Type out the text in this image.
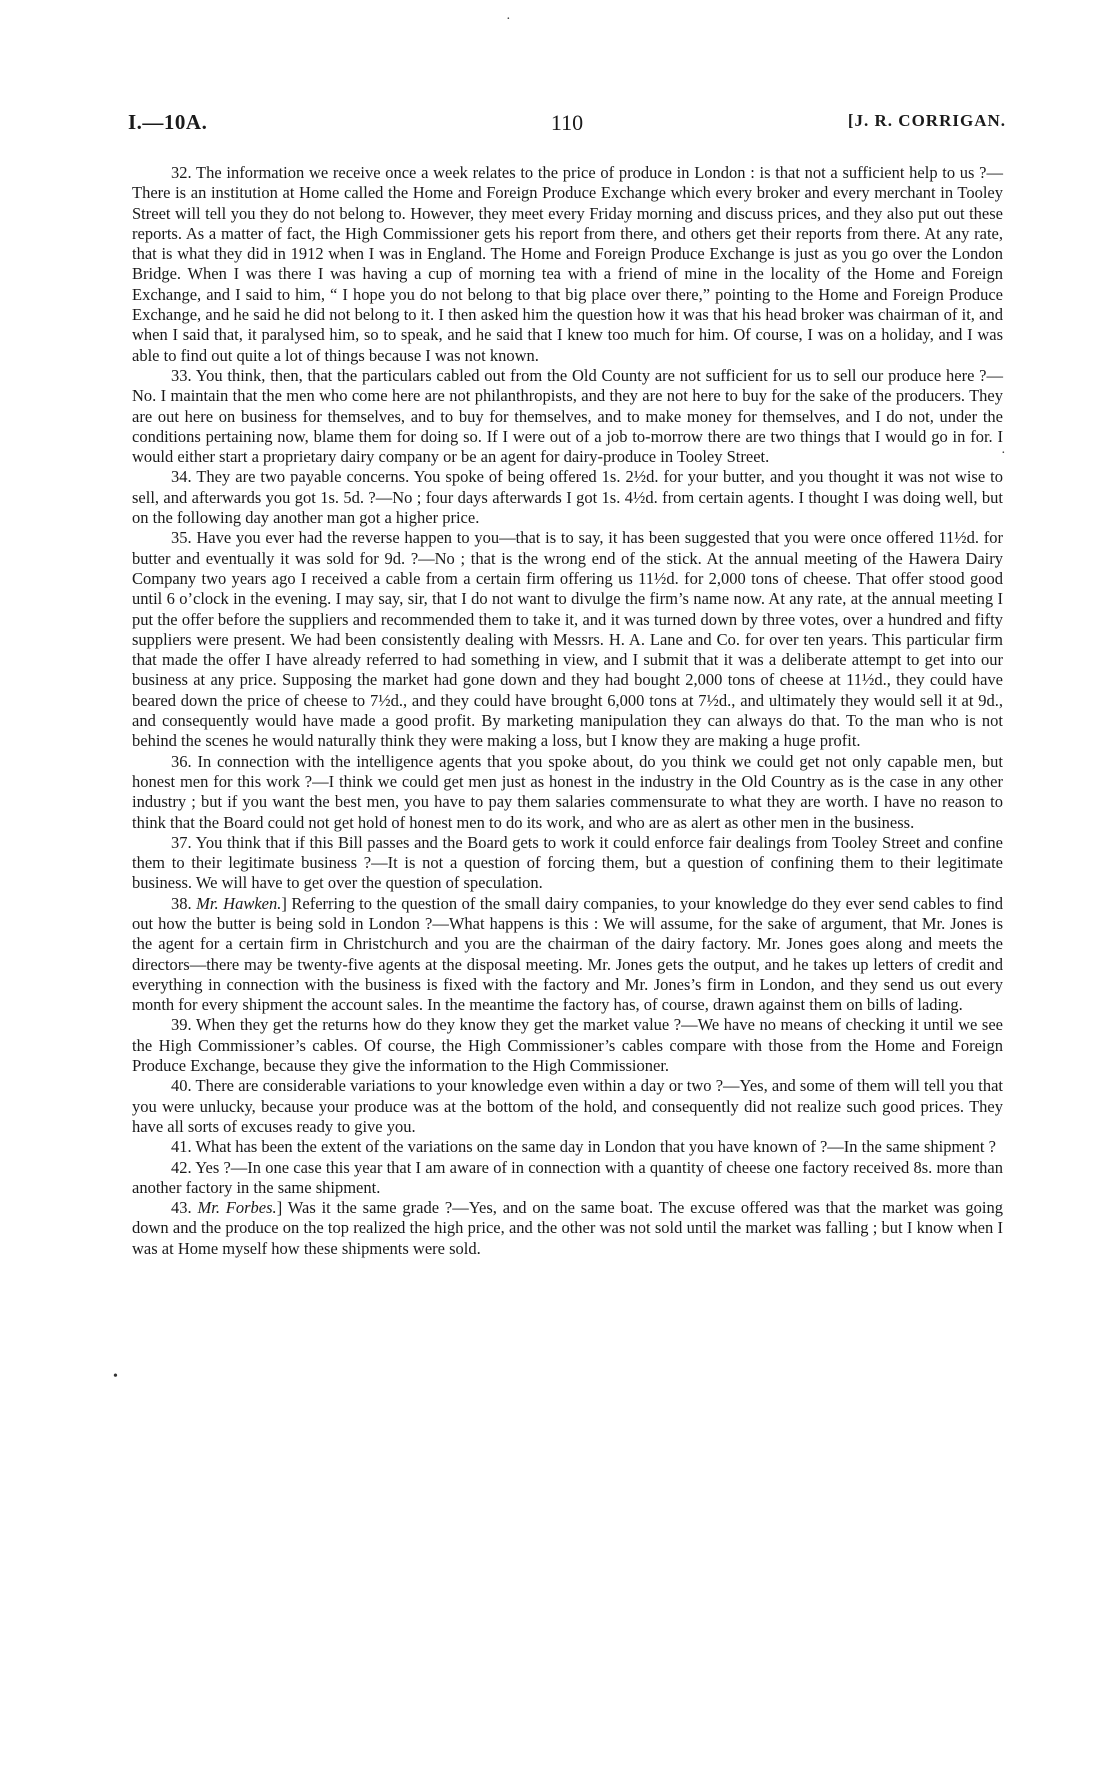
I.—10A.	110	[J. R. CORRIGAN.

32. The information we receive once a week relates to the price of produce in London : is that not a sufficient help to us ?—There is an institution at Home called the Home and Foreign Produce Exchange which every broker and every merchant in Tooley Street will tell you they do not belong to. However, they meet every Friday morning and discuss prices, and they also put out these reports. As a matter of fact, the High Commissioner gets his report from there, and others get their reports from there. At any rate, that is what they did in 1912 when I was in England. The Home and Foreign Produce Exchange is just as you go over the London Bridge. When I was there I was having a cup of morning tea with a friend of mine in the locality of the Home and Foreign Exchange, and I said to him, “ I hope you do not belong to that big place over there,” pointing to the Home and Foreign Produce Exchange, and he said he did not belong to it. I then asked him the question how it was that his head broker was chairman of it, and when I said that, it paralysed him, so to speak, and he said that I knew too much for him. Of course, I was on a holiday, and I was able to find out quite a lot of things because I was not known.

33. You think, then, that the particulars cabled out from the Old County are not sufficient for us to sell our produce here ?—No. I maintain that the men who come here are not philanthropists, and they are not here to buy for the sake of the producers. They are out here on business for themselves, and to buy for themselves, and to make money for themselves, and I do not, under the conditions pertaining now, blame them for doing so. If I were out of a job to-morrow there are two things that I would go in for. I would either start a proprietary dairy company or be an agent for dairy-produce in Tooley Street.

34. They are two payable concerns. You spoke of being offered 1s. 2½d. for your butter, and you thought it was not wise to sell, and afterwards you got 1s. 5d. ?—No ; four days afterwards I got 1s. 4½d. from certain agents. I thought I was doing well, but on the following day another man got a higher price.

35. Have you ever had the reverse happen to you—that is to say, it has been suggested that you were once offered 11½d. for butter and eventually it was sold for 9d. ?—No ; that is the wrong end of the stick. At the annual meeting of the Hawera Dairy Company two years ago I received a cable from a certain firm offering us 11½d. for 2,000 tons of cheese. That offer stood good until 6 o’clock in the evening. I may say, sir, that I do not want to divulge the firm’s name now. At any rate, at the annual meeting I put the offer before the suppliers and recommended them to take it, and it was turned down by three votes, over a hundred and fifty suppliers were present. We had been consistently dealing with Messrs. H. A. Lane and Co. for over ten years. This particular firm that made the offer I have already referred to had something in view, and I submit that it was a deliberate attempt to get into our business at any price. Supposing the market had gone down and they had bought 2,000 tons of cheese at 11½d., they could have beared down the price of cheese to 7½d., and they could have brought 6,000 tons at 7½d., and ultimately they would sell it at 9d., and consequently would have made a good profit. By marketing manipulation they can always do that. To the man who is not behind the scenes he would naturally think they were making a loss, but I know they are making a huge profit.

36. In connection with the intelligence agents that you spoke about, do you think we could get not only capable men, but honest men for this work ?—I think we could get men just as honest in the industry in the Old Country as is the case in any other industry ; but if you want the best men, you have to pay them salaries commensurate to what they are worth. I have no reason to think that the Board could not get hold of honest men to do its work, and who are as alert as other men in the business.

37. You think that if this Bill passes and the Board gets to work it could enforce fair dealings from Tooley Street and confine them to their legitimate business ?—It is not a question of forcing them, but a question of confining them to their legitimate business. We will have to get over the question of speculation.

38. Mr. Hawken.] Referring to the question of the small dairy companies, to your knowledge do they ever send cables to find out how the butter is being sold in London ?—What happens is this : We will assume, for the sake of argument, that Mr. Jones is the agent for a certain firm in Christchurch and you are the chairman of the dairy factory. Mr. Jones goes along and meets the directors—there may be twenty-five agents at the disposal meeting. Mr. Jones gets the output, and he takes up letters of credit and everything in connection with the business is fixed with the factory and Mr. Jones’s firm in London, and they send us out every month for every shipment the account sales. In the meantime the factory has, of course, drawn against them on bills of lading.

39. When they get the returns how do they know they get the market value ?—We have no means of checking it until we see the High Commissioner’s cables. Of course, the High Commissioner’s cables compare with those from the Home and Foreign Produce Exchange, because they give the information to the High Commissioner.

40. There are considerable variations to your knowledge even within a day or two ?—Yes, and some of them will tell you that you were unlucky, because your produce was at the bottom of the hold, and consequently did not realize such good prices. They have all sorts of excuses ready to give you.

41. What has been the extent of the variations on the same day in London that you have known of ?—In the same shipment ?

42. Yes ?—In one case this year that I am aware of in connection with a quantity of cheese one factory received 8s. more than another factory in the same shipment.

43. Mr. Forbes.] Was it the same grade ?—Yes, and on the same boat. The excuse offered was that the market was going down and the produce on the top realized the high price, and the other was not sold until the market was falling ; but I know when I was at Home myself how these shipments were sold.

·
·
•
